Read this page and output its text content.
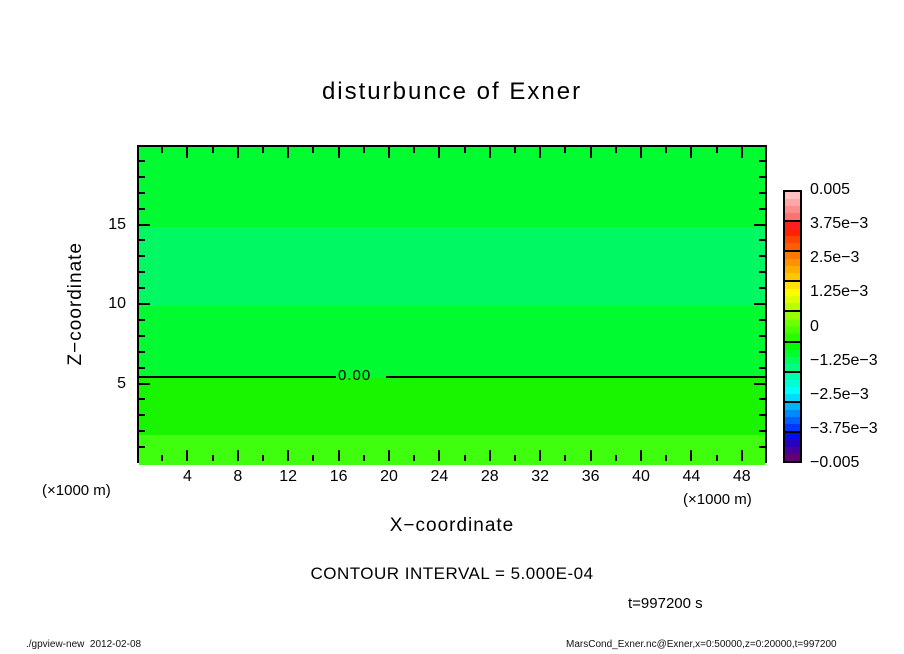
disturbunce of Exner
0.00
Z−coordinate
X−coordinate
(×1000 m)
(×1000 m)
CONTOUR INTERVAL = 5.000E-04
t=997200 s
./gpview-new  2012-02-08	MarsCond_Exner.nc@Exner,x=0:50000,z=0:20000,t=997200
4	8	12	16	20	24	28	32	36	40	44	48
5
10
15
0.005
3.75e−3
2.5e−3
1.25e−3
0
−1.25e−3
−2.5e−3
−3.75e−3
−0.005
